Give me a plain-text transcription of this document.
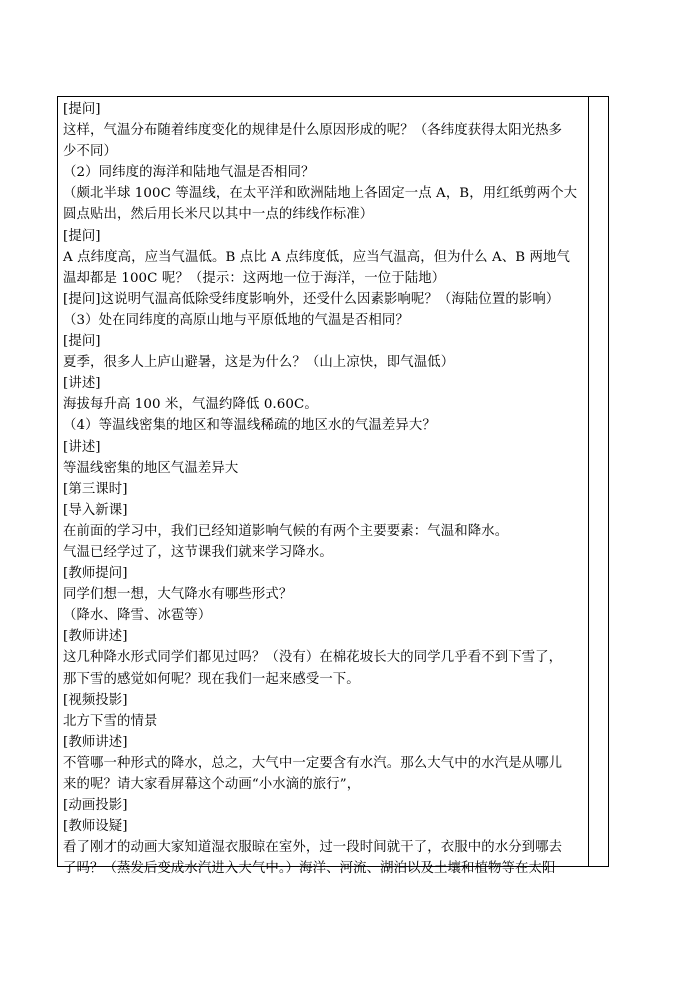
[提问]
这样，气温分布随着纬度变化的规律是什么原因形成的呢？（各纬度获得太阳光热多
少不同）
（2）同纬度的海洋和陆地气温是否相同？
（颇北半球 100C 等温线，在太平洋和欧洲陆地上各固定一点 A，B，用红纸剪两个大
圆点贴出，然后用长米尺以其中一点的纬线作标准）
[提问]
A 点纬度高，应当气温低。B 点比 A 点纬度低，应当气温高，但为什么 A、B 两地气
温却都是 100C 呢？（提示：这两地一位于海洋，一位于陆地）
[提问]这说明气温高低除受纬度影响外，还受什么因素影响呢？（海陆位置的影响）
（3）处在同纬度的高原山地与平原低地的气温是否相同？
[提问]
夏季，很多人上庐山避暑，这是为什么？（山上凉快，即气温低）
[讲述]
海拔每升高 100 米，气温约降低 0.60C。
（4）等温线密集的地区和等温线稀疏的地区水的气温差异大？
[讲述]
等温线密集的地区气温差异大
[第三课时]
[导入新课]
在前面的学习中，我们已经知道影响气候的有两个主要要素：气温和降水。
气温已经学过了，这节课我们就来学习降水。
[教师提问]
同学们想一想，大气降水有哪些形式？
（降水、降雪、冰雹等）
[教师讲述]
这几种降水形式同学们都见过吗？（没有）在棉花坡长大的同学几乎看不到下雪了，
那下雪的感觉如何呢？现在我们一起来感受一下。
[视频投影]
北方下雪的情景
[教师讲述]
不管哪一种形式的降水，总之，大气中一定要含有水汽。那么大气中的水汽是从哪儿
来的呢？请大家看屏幕这个动画“小水滴的旅行”，
[动画投影]
[教师设疑]
看了刚才的动画大家知道湿衣服晾在室外，过一段时间就干了，衣服中的水分到哪去
了吗？（蒸发后变成水汽进入大气中。）海洋、河流、湖泊以及土壤和植物等在太阳
